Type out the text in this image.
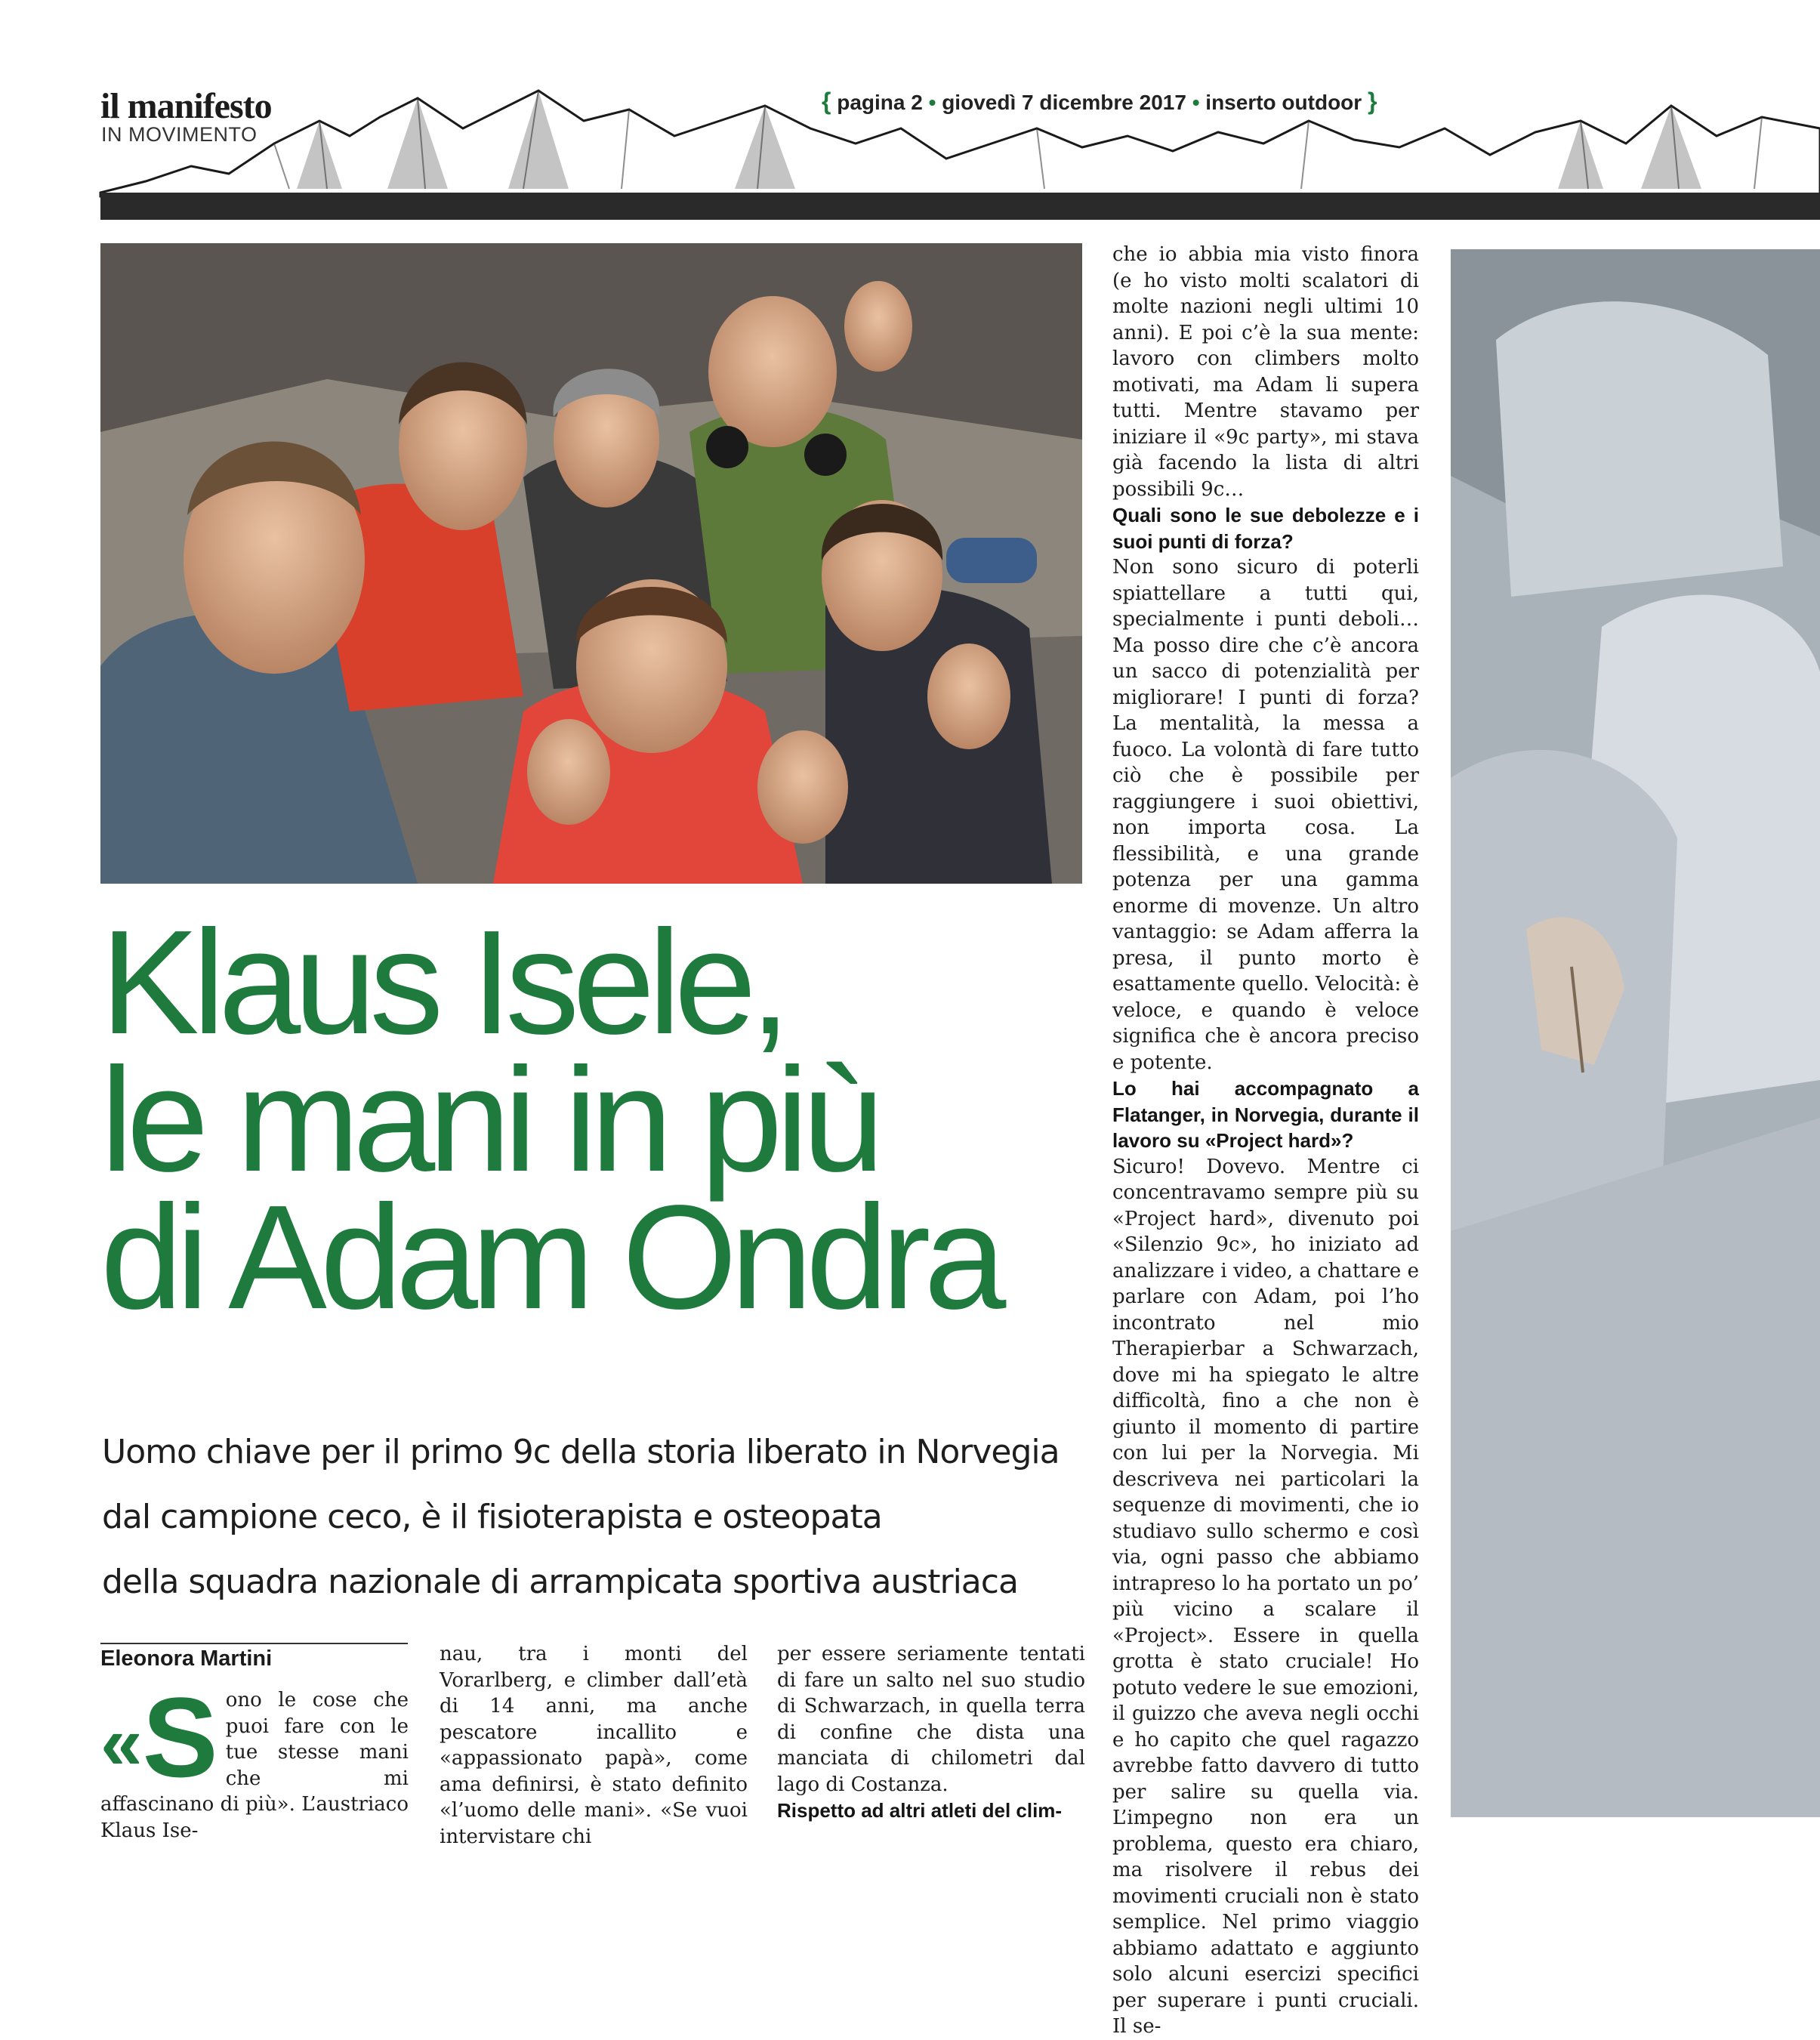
il manifesto
IN MOVIMENTO
{ pagina 2 • giovedì 7 dicembre 2017 • inserto outdoor }
Klaus Isele,
le mani in più
di Adam Ondra
Uomo chiave per il primo 9c della storia liberato in Norvegia
dal campione ceco, è il fisioterapista e osteopata
della squadra nazionale di arrampicata sportiva austriaca
Eleonora Martini
«S ono le cose che puoi fare con le tue stesse mani che mi affascinano di più». L’austriaco Klaus Ise-

nau, tra i monti del Vorarlberg, e climber dall’età di 14 anni, ma anche pescatore incallito e «appassionato papà», come ama definirsi, è stato definito «l’uomo delle mani». «Se vuoi intervistare chi

per essere seriamente tentati di fare un salto nel suo studio di Schwarzach, in quella terra di confine che dista una manciata di chilometri dal lago di Costanza.

Rispetto ad altri atleti del clim-

che io abbia mia visto finora (e ho visto molti scalatori di molte nazioni negli ultimi 10 anni). E poi c’è la sua mente: lavoro con climbers molto motivati, ma Adam li supera tutti. Mentre stavamo per iniziare il «9c party», mi stava già facendo la lista di altri possibili 9c…

Quali sono le sue debolezze e i suoi punti di forza?

Non sono sicuro di poterli spiattellare a tutti qui, specialmente i punti deboli… Ma posso dire che c’è ancora un sacco di potenzialità per migliorare! I punti di forza? La mentalità, la messa a fuoco. La volontà di fare tutto ciò che è possibile per raggiungere i suoi obiettivi, non importa cosa. La flessibilità, e una grande potenza per una gamma enorme di movenze. Un altro vantaggio: se Adam afferra la presa, il punto morto è esattamente quello. Velocità: è veloce, e quando è veloce significa che è ancora preciso e potente.

Lo hai accompagnato a Flatanger, in Norvegia, durante il lavoro su «Project hard»?

Sicuro! Dovevo. Mentre ci concentravamo sempre più su «Project hard», divenuto poi «Silenzio 9c», ho iniziato ad analizzare i video, a chattare e parlare con Adam, poi l’ho incontrato nel mio Therapierbar a Schwarzach, dove mi ha spiegato le altre difficoltà, fino a che non è giunto il momento di partire con lui per la Norvegia. Mi descriveva nei particolari la sequenze di movimenti, che io studiavo sullo schermo e così via, ogni passo che abbiamo intrapreso lo ha portato un po’ più vicino a scalare il «Project». Essere in quella grotta è stato cruciale! Ho potuto vedere le sue emozioni, il guizzo che aveva negli occhi e ho capito che quel ragazzo avrebbe fatto davvero di tutto per salire su quella via. L’impegno non era un problema, questo era chiaro, ma risolvere il rebus dei movimenti cruciali non è stato semplice. Nel primo viaggio abbiamo adattato e aggiunto solo alcuni esercizi specifici per superare i punti cruciali. Il se-
